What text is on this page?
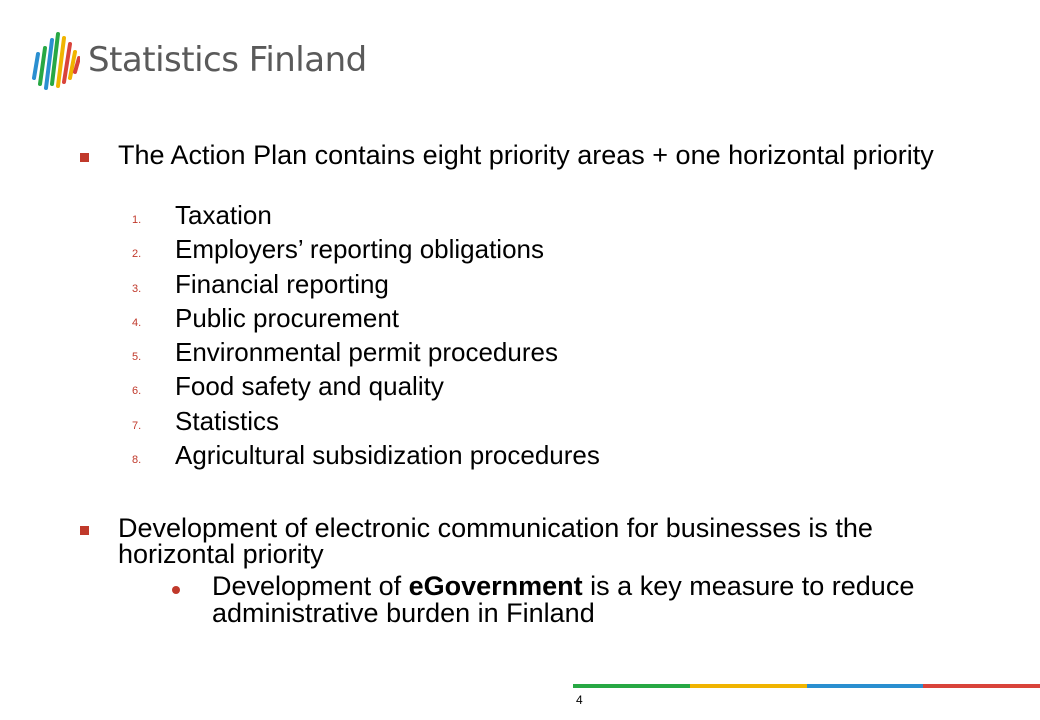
Statistics Finland
The Action Plan contains eight priority areas + one horizontal priority
1. Taxation
2. Employers’ reporting obligations
3. Financial reporting
4. Public procurement
5. Environmental permit procedures
6. Food safety and quality
7. Statistics
8. Agricultural subsidization procedures
Development of electronic communication for businesses is the horizontal priority
Development of eGovernment is a key measure to reduce administrative burden in Finland
4
